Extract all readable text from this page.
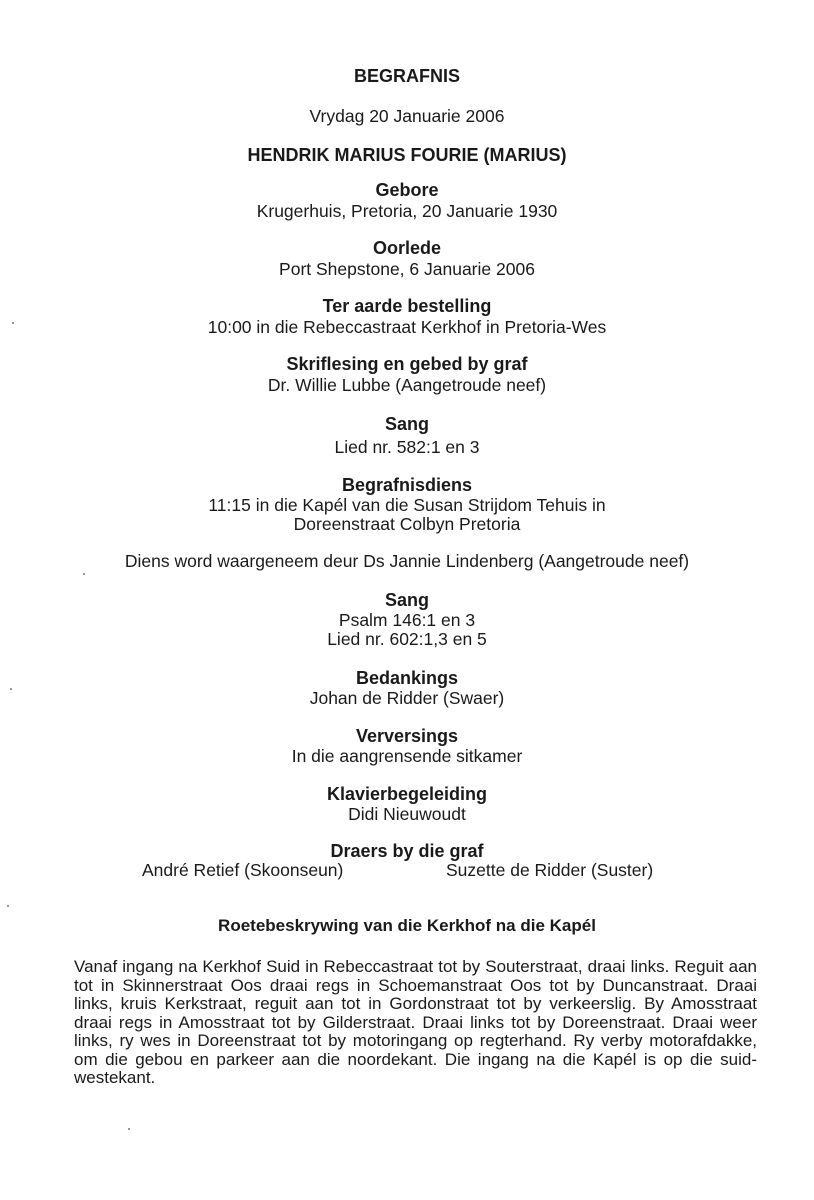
BEGRAFNIS
Vrydag 20 Januarie 2006
HENDRIK MARIUS FOURIE (MARIUS)
Gebore
Krugerhuis, Pretoria, 20 Januarie 1930
Oorlede
Port Shepstone, 6 Januarie 2006
Ter aarde bestelling
10:00 in die Rebeccastraat Kerkhof in Pretoria-Wes
Skriflesing en gebed by graf
Dr. Willie Lubbe (Aangetroude neef)
Sang
Lied nr. 582:1 en 3
Begrafnisdiens
11:15 in die Kapél van die Susan Strijdom Tehuis in
Doreenstraat Colbyn Pretoria
Diens word waargeneem deur Ds Jannie Lindenberg (Aangetroude neef)
Sang
Psalm 146:1 en 3
Lied nr. 602:1,3 en 5
Bedankings
Johan de Ridder (Swaer)
Verversings
In die aangrensende sitkamer
Klavierbegeleiding
Didi Nieuwoudt
Draers by die graf
André Retief (Skoonseun)	Suzette de Ridder (Suster)
Roetebeskrywing van die Kerkhof na die Kapél
Vanaf ingang na Kerkhof Suid in Rebeccastraat tot by Souterstraat, draai links. Reguit aan tot in Skinnerstraat Oos draai regs in Schoemanstraat Oos tot by Duncanstraat. Draai links, kruis Kerkstraat, reguit aan tot in Gordonstraat tot by verkeerslig. By Amosstraat draai regs in Amosstraat tot by Gilderstraat. Draai links tot by Doreenstraat. Draai weer links, ry wes in Doreenstraat tot by motoringang op regterhand. Ry verby motorafdakke, om die gebou en parkeer aan die noordekant. Die ingang na die Kapél is op die suid-westekant.
